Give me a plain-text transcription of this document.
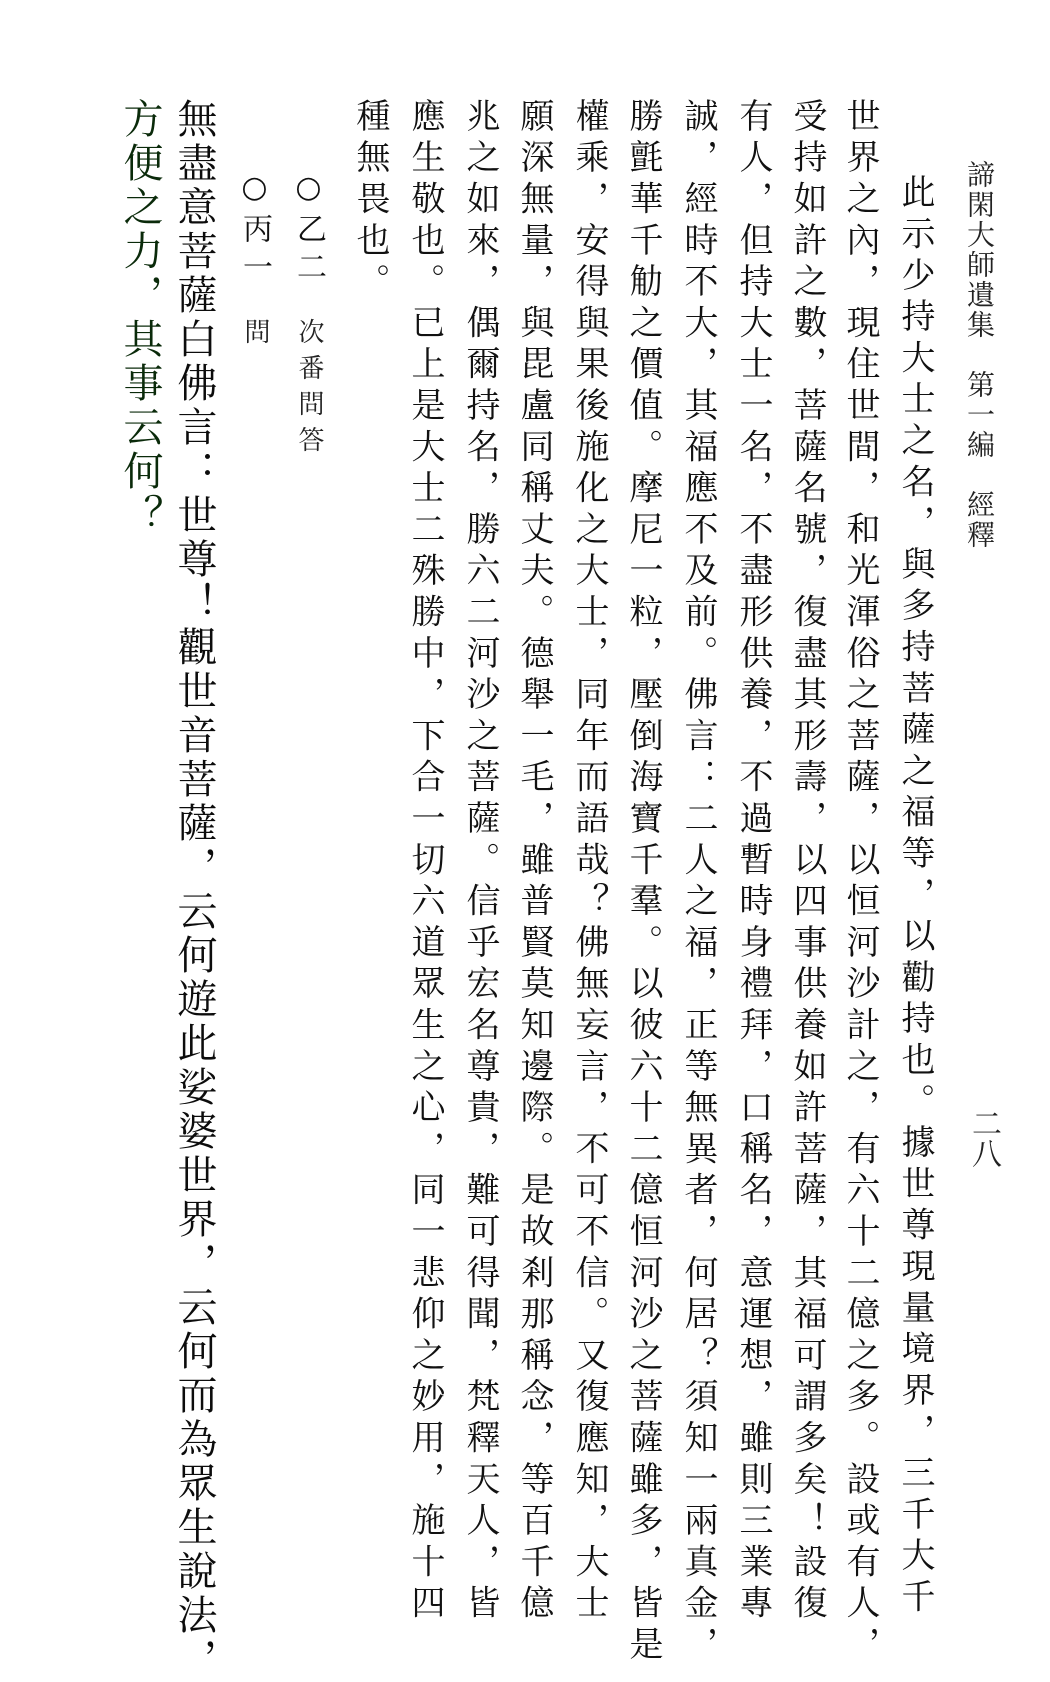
諦閑大師遺集　第一編　經釋
二八
　此示少持大士之名，與多持菩薩之福等，以勸持也。據世尊現量境界，三千大千
世界之內，現住世間，和光渾俗之菩薩，以恒河沙計之，有六十二億之多。設或有人，
受持如許之數，菩薩名號，復盡其形壽，以四事供養如許菩薩，其福可謂多矣！設復
有人，但持大士一名，不盡形供養，不過暫時身禮拜，口稱名，意運想，雖則三業專
誠，經時不大，其福應不及前。佛言：二人之福，正等無異者，何居？須知一兩真金，
勝氈華千觔之價值。摩尼一粒，壓倒海寶千羣。以彼六十二億恒河沙之菩薩雖多，皆是
權乘，安得與果後施化之大士，同年而語哉？佛無妄言，不可不信。又復應知，大士
願深無量，與毘盧同稱丈夫。德舉一毛，雖普賢莫知邊際。是故剎那稱念，等百千億
兆之如來，偶爾持名，勝六二河沙之菩薩。信乎宏名尊貴，難可得聞，梵釋天人，皆
應生敬也。已上是大士二殊勝中，下合一切六道眾生之心，同一悲仰之妙用，施十四
種無畏也。
○乙二
次番問答
○丙一
問
無盡意菩薩白佛言：世尊！觀世音菩薩，云何遊此娑婆世界，云何而為眾生說法，
方便之力，其事云何？
